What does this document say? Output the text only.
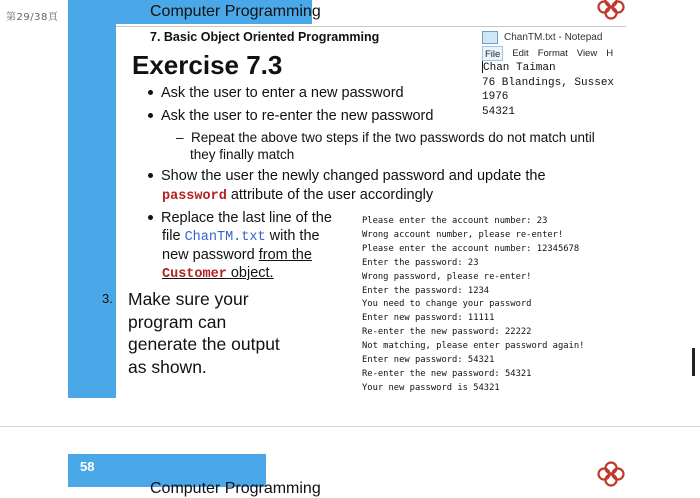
第29/38頁	Computer Programming
7. Basic Object Oriented Programming
Exercise 7.3
Ask the user to enter a new password
Ask the user to re-enter the new password
– Repeat the above two steps if the two passwords do not match until
they finally match
Show the user the newly changed password and update the
password attribute of the user accordingly
Replace the last line of the
file ChanTM.txt with the
new password from the
Customer object.
3. Make sure your program can generate the output as shown.
ChanTM.txt - Notepad
File	Edit Format View H
Chan Taiman
76 Blandings, Sussex
1976
54321
Please enter the account number: 23
Wrong account number, please re-enter!
Please enter the account number: 12345678
Enter the password: 23
Wrong password, please re-enter!
Enter the password: 1234
You need to change your password
Enter new password: 11111
Re-enter the new password: 22222
Not matching, please enter password again!
Enter new password: 54321
Re-enter the new password: 54321
Your new password is 54321
58
Computer Programming
